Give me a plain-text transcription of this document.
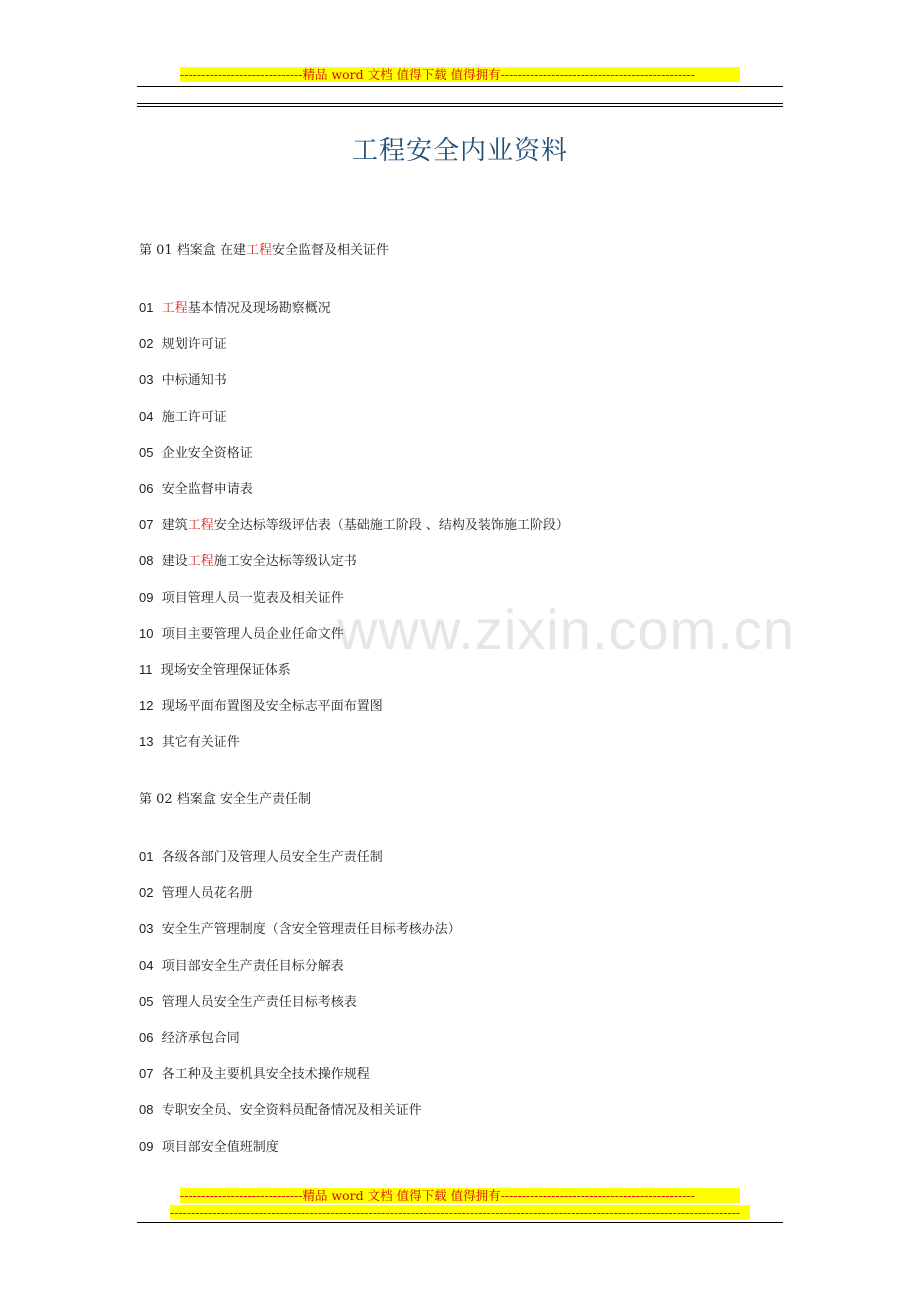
-----------------------------精品 word 文档 值得下载 值得拥有----------------------------------------------
工程安全内业资料
www.zixin.com.cn
第 01 档案盒 在建工程安全监督及相关证件
01 工程基本情况及现场勘察概况
02 规划许可证
03 中标通知书
04 施工许可证
05 企业安全资格证
06 安全监督申请表
07 建筑工程安全达标等级评估表（基础施工阶段 、结构及装饰施工阶段）
08 建设工程施工安全达标等级认定书
09 项目管理人员一览表及相关证件
10 项目主要管理人员企业任命文件
11 现场安全管理保证体系
12 现场平面布置图及安全标志平面布置图
13 其它有关证件
第 02 档案盒 安全生产责任制
01 各级各部门及管理人员安全生产责任制
02 管理人员花名册
03 安全生产管理制度（含安全管理责任目标考核办法）
04 项目部安全生产责任目标分解表
05 管理人员安全生产责任目标考核表
06 经济承包合同
07 各工种及主要机具安全技术操作规程
08 专职安全员、安全资料员配备情况及相关证件
09 项目部安全值班制度
-----------------------------精品 word 文档 值得下载 值得拥有----------------------------------------------
---------------------------------------------------------------------------------------------------------------------------------------
